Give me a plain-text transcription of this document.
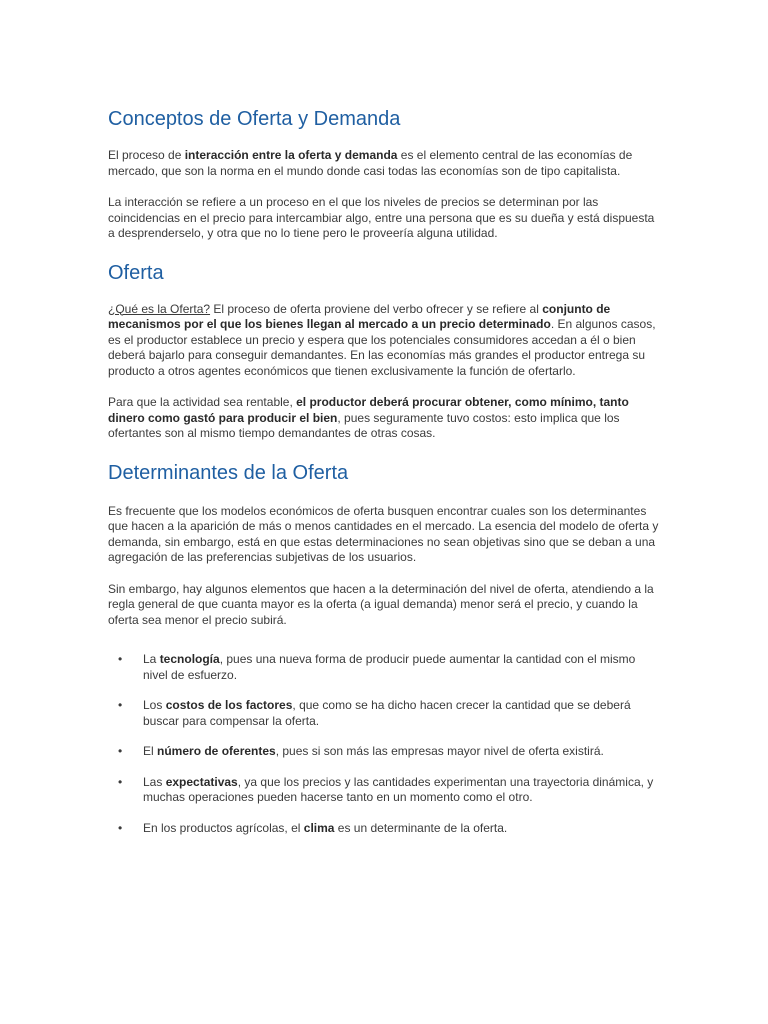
Conceptos de Oferta y Demanda

El proceso de interacción entre la oferta y demanda es el elemento central de las economías de mercado, que son la norma en el mundo donde casi todas las economías son de tipo capitalista.

La interacción se refiere a un proceso en el que los niveles de precios se determinan por las coincidencias en el precio para intercambiar algo, entre una persona que es su dueña y está dispuesta a desprenderselo, y otra que no lo tiene pero le proveería alguna utilidad.

Oferta

¿Qué es la Oferta? El proceso de oferta proviene del verbo ofrecer y se refiere al conjunto de mecanismos por el que los bienes llegan al mercado a un precio determinado. En algunos casos, es el productor establece un precio y espera que los potenciales consumidores accedan a él o bien deberá bajarlo para conseguir demandantes. En las economías más grandes el productor entrega su producto a otros agentes económicos que tienen exclusivamente la función de ofertarlo.

Para que la actividad sea rentable, el productor deberá procurar obtener, como mínimo, tanto dinero como gastó para producir el bien, pues seguramente tuvo costos: esto implica que los ofertantes son al mismo tiempo demandantes de otras cosas.

Determinantes de la Oferta

Es frecuente que los modelos económicos de oferta busquen encontrar cuales son los determinantes que hacen a la aparición de más o menos cantidades en el mercado. La esencia del modelo de oferta y demanda, sin embargo, está en que estas determinaciones no sean objetivas sino que se deban a una agregación de las preferencias subjetivas de los usuarios.

Sin embargo, hay algunos elementos que hacen a la determinación del nivel de oferta, atendiendo a la regla general de que cuanta mayor es la oferta (a igual demanda) menor será el precio, y cuando la oferta sea menor el precio subirá.

• La tecnología, pues una nueva forma de producir puede aumentar la cantidad con el mismo nivel de esfuerzo.
• Los costos de los factores, que como se ha dicho hacen crecer la cantidad que se deberá buscar para compensar la oferta.
• El número de oferentes, pues si son más las empresas mayor nivel de oferta existirá.
• Las expectativas, ya que los precios y las cantidades experimentan una trayectoria dinámica, y muchas operaciones pueden hacerse tanto en un momento como el otro.
• En los productos agrícolas, el clima es un determinante de la oferta.
